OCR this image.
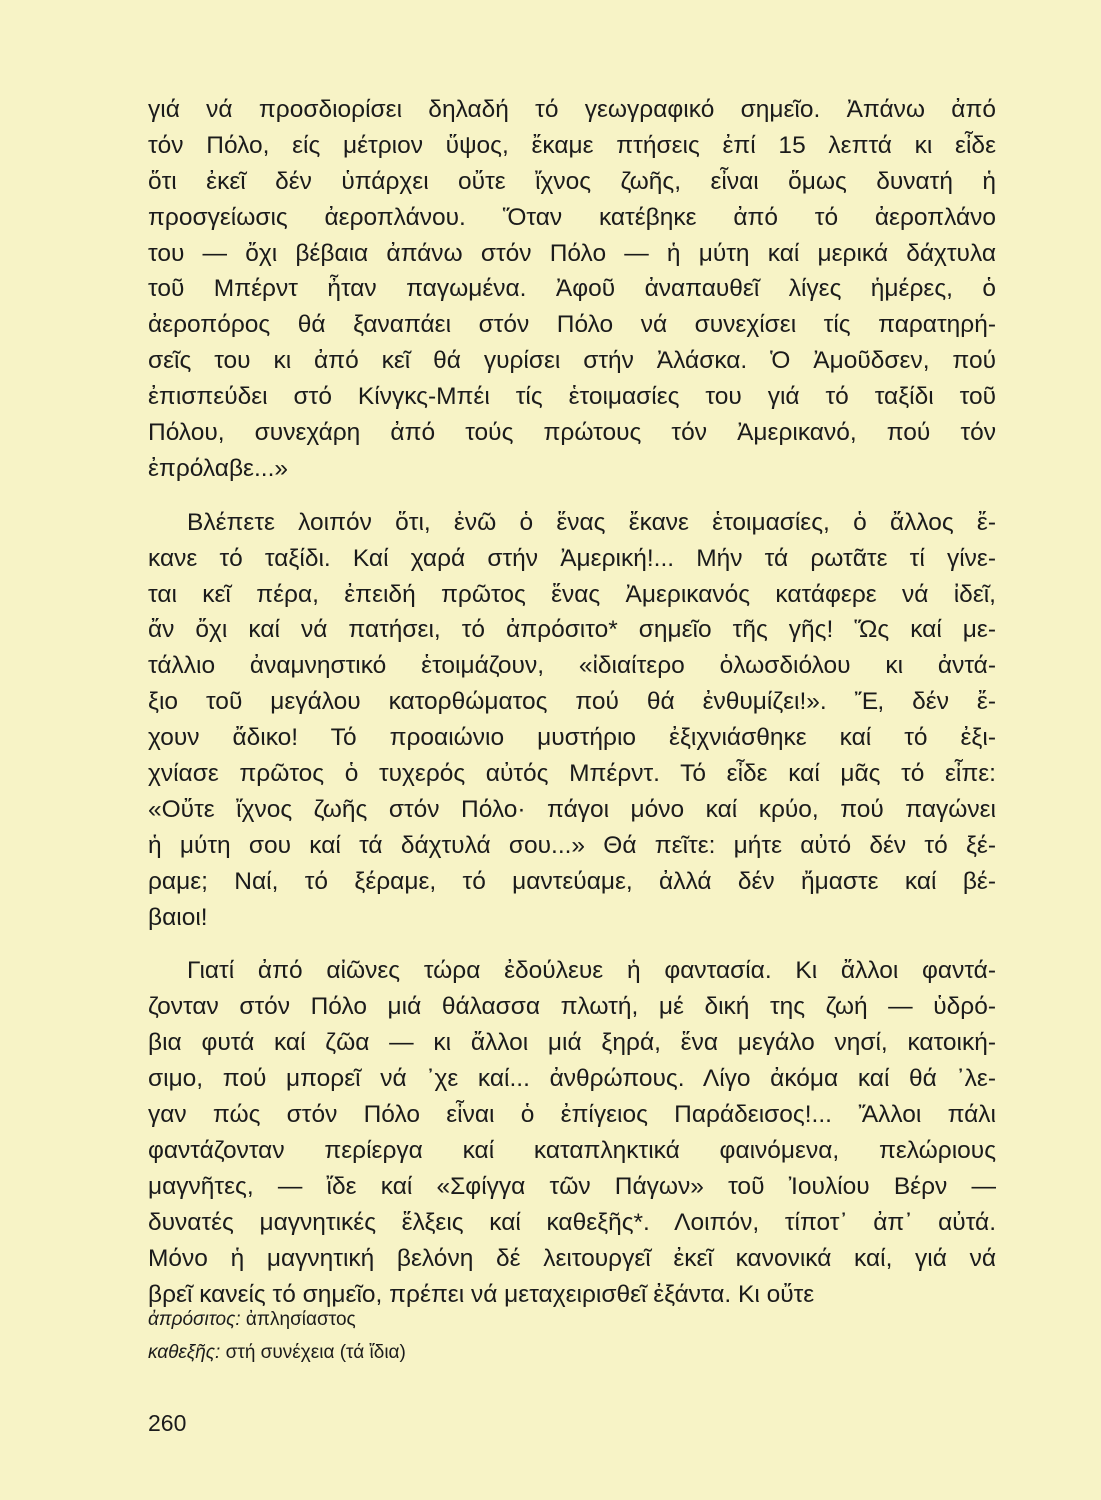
γιά νά προσδιορίσει δηλαδή τό γεωγραφικό σημεῖο. Ἀπάνω ἀπό
τόν Πόλο, είς μέτριον ὕψος, ἔκαμε πτήσεις ἐπί 15 λεπτά κι εἶδε
ὅτι ἐκεῖ δέν ὑπάρχει οὔτε ἴχνος ζωῆς, εἶναι ὅμως δυνατή ἡ
προσγείωσις ἀεροπλάνου. Ὅταν κατέβηκε ἀπό τό ἀεροπλάνο
του — ὄχι βέβαια ἀπάνω στόν Πόλο — ἡ μύτη καί μερικά δάχτυλα
τοῦ Μπέρντ ἦταν παγωμένα. Ἀφοῦ ἀναπαυθεῖ λίγες ἡμέρες, ὁ
ἀεροπόρος θά ξαναπάει στόν Πόλο νά συνεχίσει τίς παρατηρή-
σεῖς του κι ἀπό κεῖ θά γυρίσει στήν Ἀλάσκα. Ὁ Ἀμοῦδσεν, πού
ἐπισπεύδει στό Κίνγκς-Μπέι τίς ἑτοιμασίες του γιά τό ταξίδι τοῦ
Πόλου, συνεχάρη ἀπό τούς πρώτους τόν Ἀμερικανό, πού τόν
ἐπρόλαβε...»
Βλέπετε λοιπόν ὅτι, ἐνῶ ὁ ἕνας ἔκανε ἑτοιμασίες, ὁ ἄλλος ἔ-
κανε τό ταξίδι. Καί χαρά στήν Ἀμερική!... Μήν τά ρωτᾶτε τί γίνε-
ται κεῖ πέρα, ἐπειδή πρῶτος ἕνας Ἀμερικανός κατάφερε νά ἰδεῖ,
ἄν ὄχι καί νά πατήσει, τό ἀπρόσιτο* σημεῖο τῆς γῆς! Ὥς καί με-
τάλλιο ἀναμνηστικό ἑτοιμάζουν, «ἰδιαίτερο ὁλωσδιόλου κι ἀντά-
ξιο τοῦ μεγάλου κατορθώματος πού θά ἐνθυμίζει!». Ἔ, δέν ἔ-
χουν ἄδικο! Τό προαιώνιο μυστήριο ἐξιχνιάσθηκε καί τό ἐξι-
χνίασε πρῶτος ὁ τυχερός αὐτός Μπέρντ. Τό εἶδε καί μᾶς τό εἶπε:
«Οὔτε ἴχνος ζωῆς στόν Πόλο· πάγοι μόνο καί κρύο, πού παγώνει
ἡ μύτη σου καί τά δάχτυλά σου...» Θά πεῖτε: μήτε αὐτό δέν τό ξέ-
ραμε; Ναί, τό ξέραμε, τό μαντεύαμε, ἀλλά δέν ἤμαστε καί βέ-
βαιοι!
Γιατί ἀπό αἰῶνες τώρα ἐδούλευε ἡ φαντασία. Κι ἄλλοι φαντά-
ζονταν στόν Πόλο μιά θάλασσα πλωτή, μέ δική της ζωή — ὑδρό-
βια φυτά καί ζῶα — κι ἄλλοι μιά ξηρά, ἕνα μεγάλο νησί, κατοική-
σιμο, πού μπορεῖ νά ᾿χε καί... ἀνθρώπους. Λίγο ἀκόμα καί θά ᾿λε-
γαν πώς στόν Πόλο εἶναι ὁ ἐπίγειος Παράδεισος!... Ἄλλοι πάλι
φαντάζονταν περίεργα καί καταπληκτικά φαινόμενα, πελώριους
μαγνῆτες, — ἴδε καί «Σφίγγα τῶν Πάγων» τοῦ Ἰουλίου Βέρν —
δυνατές μαγνητικές ἕλξεις καί καθεξῆς*. Λοιπόν, τίποτ᾿ ἀπ᾿ αὐτά.
Μόνο ἡ μαγνητική βελόνη δέ λειτουργεῖ ἐκεῖ κανονικά καί, γιά νά
βρεῖ κανείς τό σημεῖο, πρέπει νά μεταχειρισθεῖ ἐξάντα. Κι οὔτε
ἀπρόσιτος: ἀπλησίαστος
καθεξῆς: στή συνέχεια (τά ἴδια)
260
